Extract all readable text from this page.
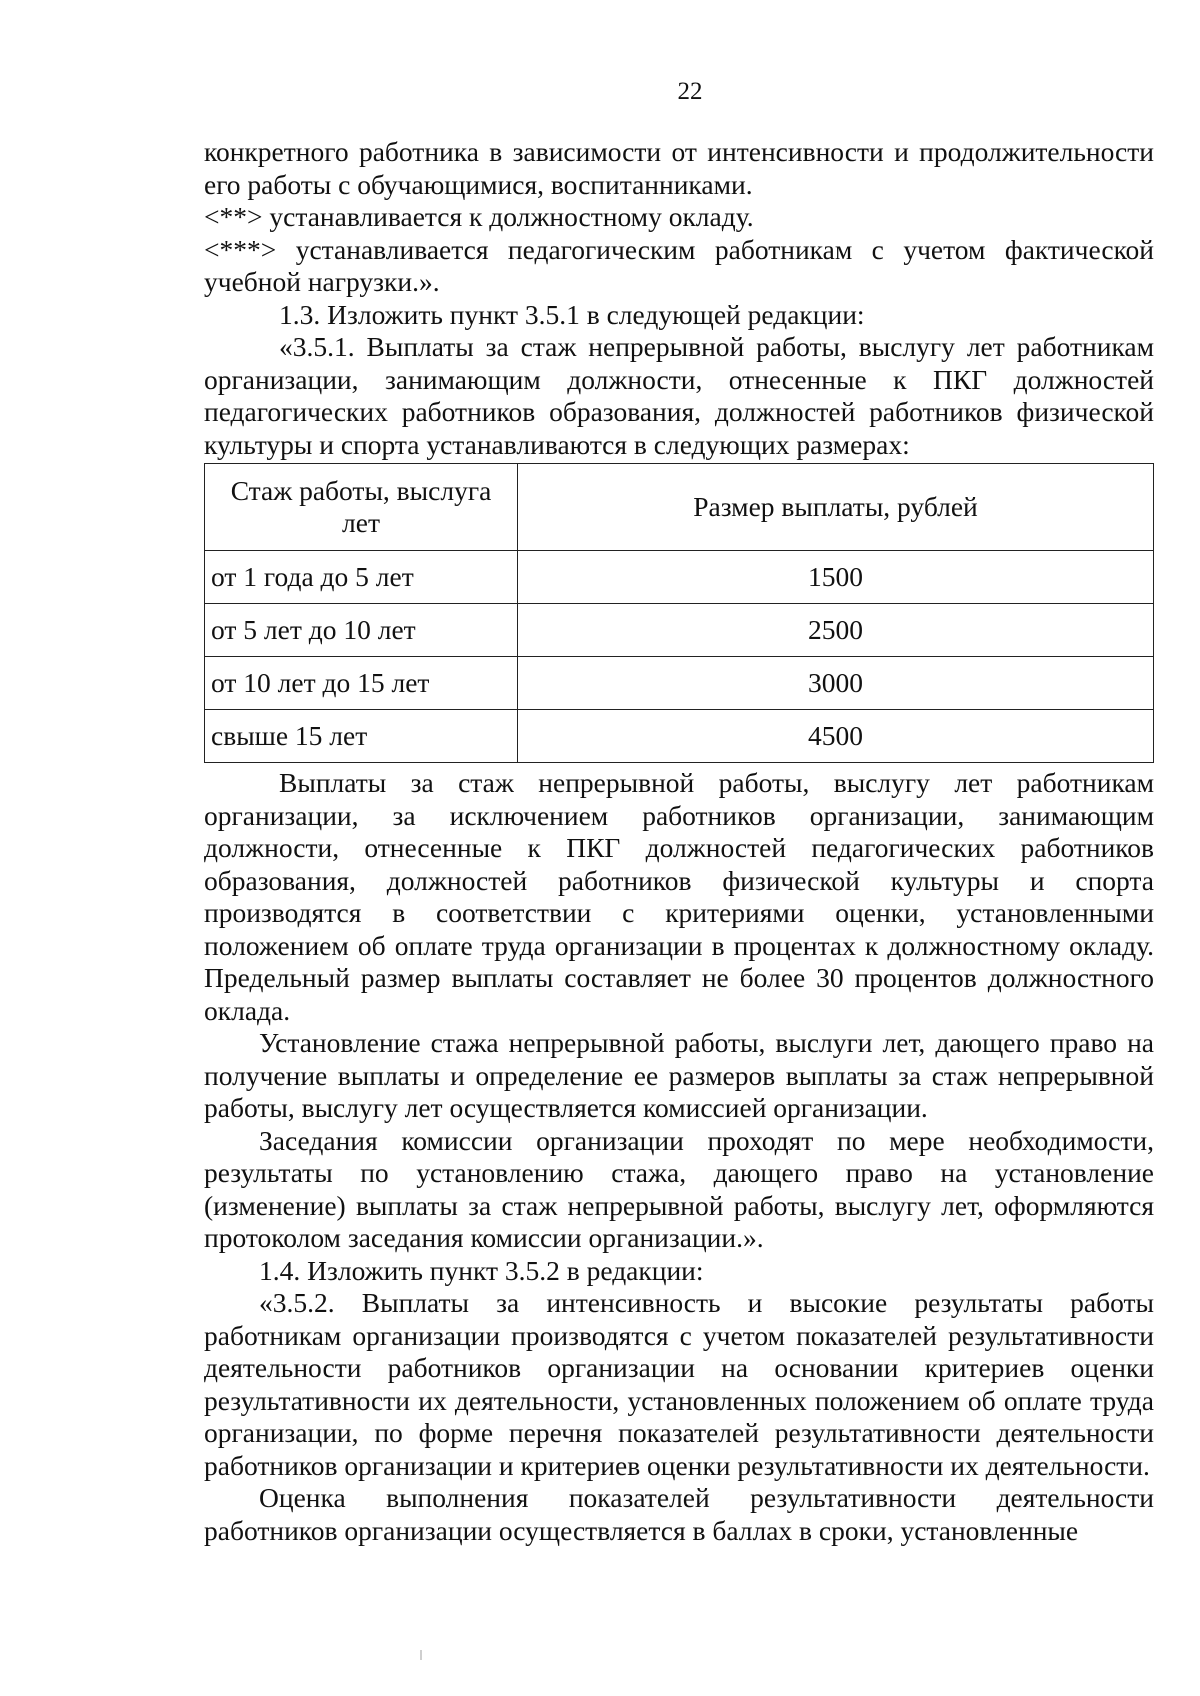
22

конкретного работника в зависимости от интенсивности и продолжительности его работы с обучающимися, воспитанниками.

<**> устанавливается к должностному окладу.

<***> устанавливается педагогическим работникам с учетом фактической учебной нагрузки.».

1.3. Изложить пункт 3.5.1 в следующей редакции:

«3.5.1. Выплаты за стаж непрерывной работы, выслугу лет работникам организации, занимающим должности, отнесенные к ПКГ должностей педагогических работников образования, должностей работников физической культуры и спорта устанавливаются в следующих размерах:

Стаж работы, выслуга лет	Размер выплаты, рублей
от 1 года до 5 лет	1500
от 5 лет до 10 лет	2500
от 10 лет до 15 лет	3000
свыше 15 лет	4500

Выплаты за стаж непрерывной работы, выслугу лет работникам организации, за исключением работников организации, занимающим должности, отнесенные к ПКГ должностей педагогических работников образования, должностей работников физической культуры и спорта производятся в соответствии с критериями оценки, установленными положением об оплате труда организации в процентах к должностному окладу. Предельный размер выплаты составляет не более 30 процентов должностного оклада.

Установление стажа непрерывной работы, выслуги лет, дающего право на получение выплаты и определение ее размеров выплаты за стаж непрерывной работы, выслугу лет осуществляется комиссией организации.

Заседания комиссии организации проходят по мере необходимости, результаты по установлению стажа, дающего право на установление (изменение) выплаты за стаж непрерывной работы, выслугу лет, оформляются протоколом заседания комиссии организации.».

1.4. Изложить пункт 3.5.2 в редакции:

«3.5.2. Выплаты за интенсивность и высокие результаты работы работникам организации производятся с учетом показателей результативности деятельности работников организации на основании критериев оценки результативности их деятельности, установленных положением об оплате труда организации, по форме перечня показателей результативности деятельности работников организации и критериев оценки результативности их деятельности.

Оценка выполнения показателей результативности деятельности работников организации осуществляется в баллах в сроки, установленные
